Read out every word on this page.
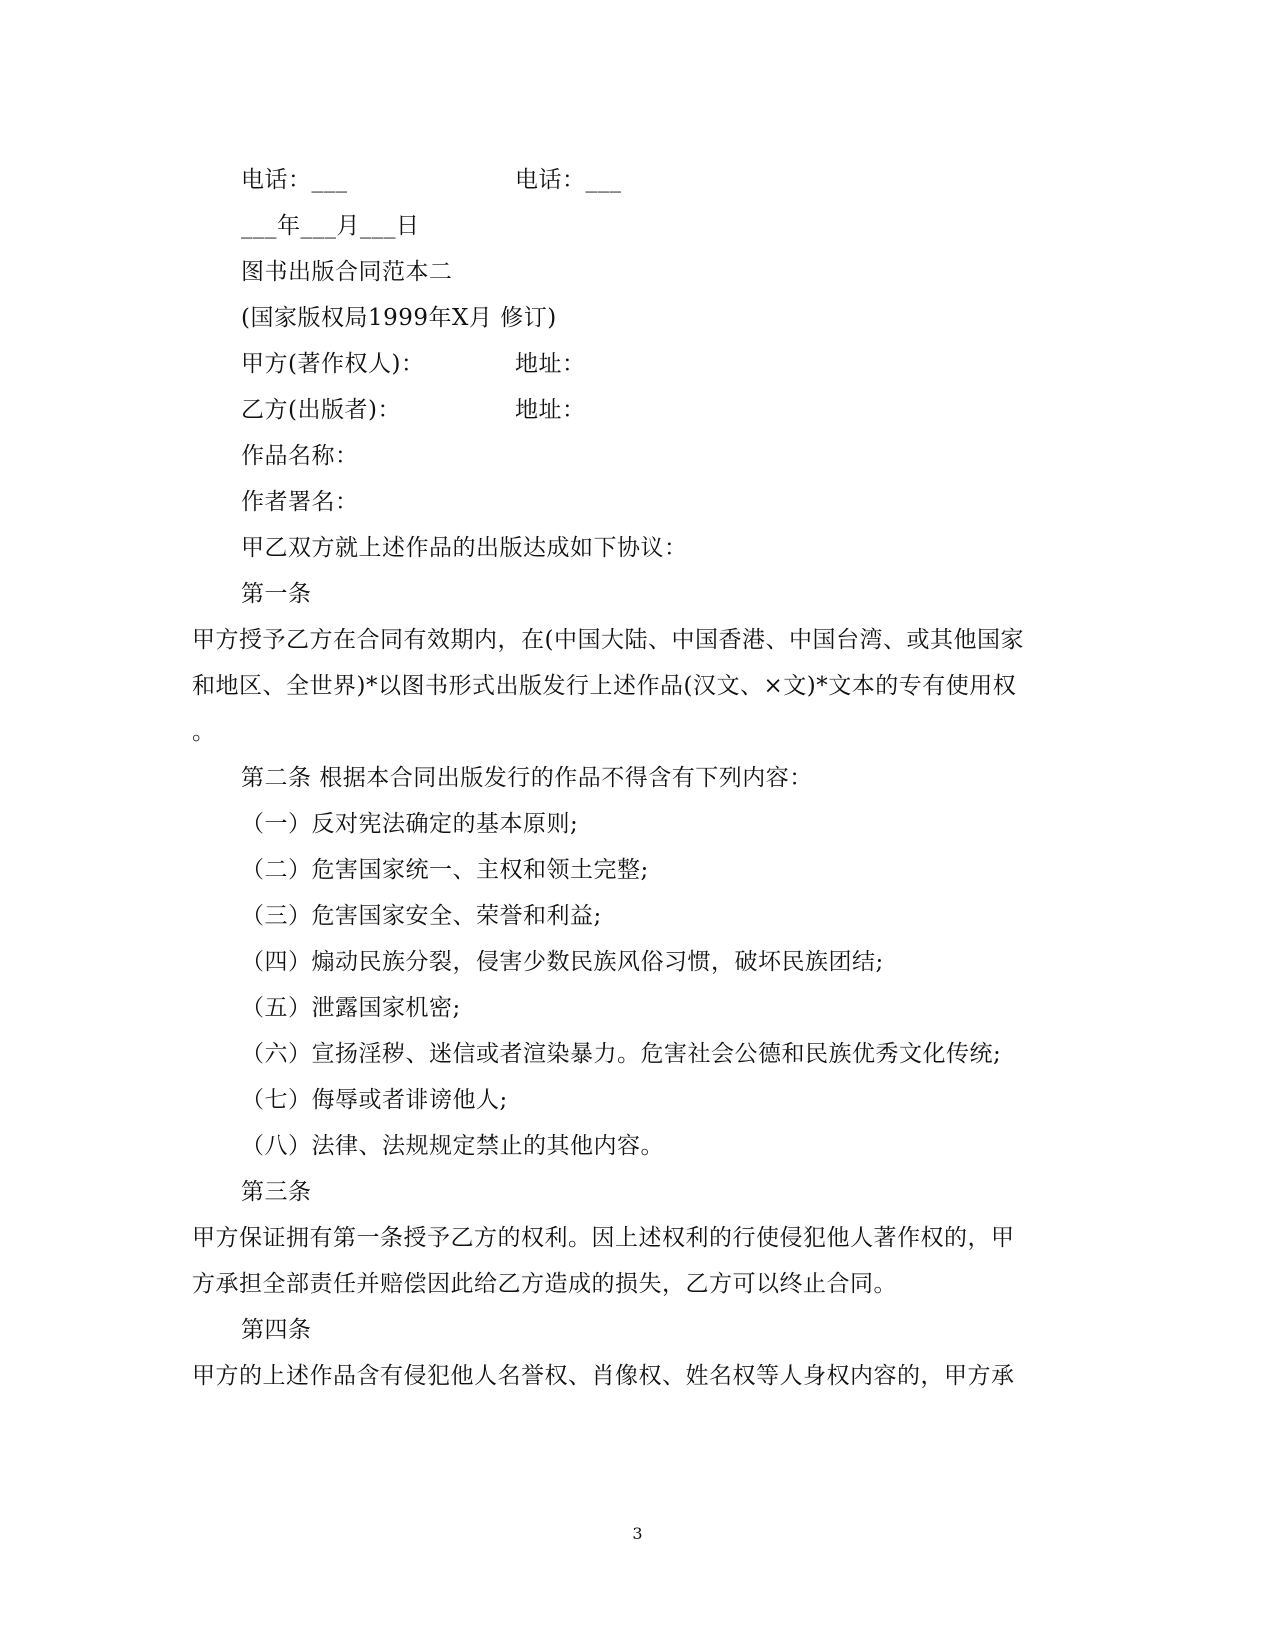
电话：___	电话：___
___年___月___日
图书出版合同范本二
(国家版权局1999年X月 修订)
甲方(著作权人)：	地址：
乙方(出版者)：	地址：
作品名称：
作者署名：
甲乙双方就上述作品的出版达成如下协议：
第一条
甲方授予乙方在合同有效期内，在(中国大陆、中国香港、中国台湾、或其他国家
和地区、全世界)*以图书形式出版发行上述作品(汉文、×文)*文本的专有使用权
。
第二条 根据本合同出版发行的作品不得含有下列内容：
（一）反对宪法确定的基本原则;
（二）危害国家统一、主权和领土完整;
（三）危害国家安全、荣誉和利益;
（四）煽动民族分裂，侵害少数民族风俗习惯，破坏民族团结;
（五）泄露国家机密;
（六）宣扬淫秽、迷信或者渲染暴力。危害社会公德和民族优秀文化传统;
（七）侮辱或者诽谤他人;
（八）法律、法规规定禁止的其他内容。
第三条
甲方保证拥有第一条授予乙方的权利。因上述权利的行使侵犯他人著作权的，甲
方承担全部责任并赔偿因此给乙方造成的损失，乙方可以终止合同。
第四条
甲方的上述作品含有侵犯他人名誉权、肖像权、姓名权等人身权内容的，甲方承
3
